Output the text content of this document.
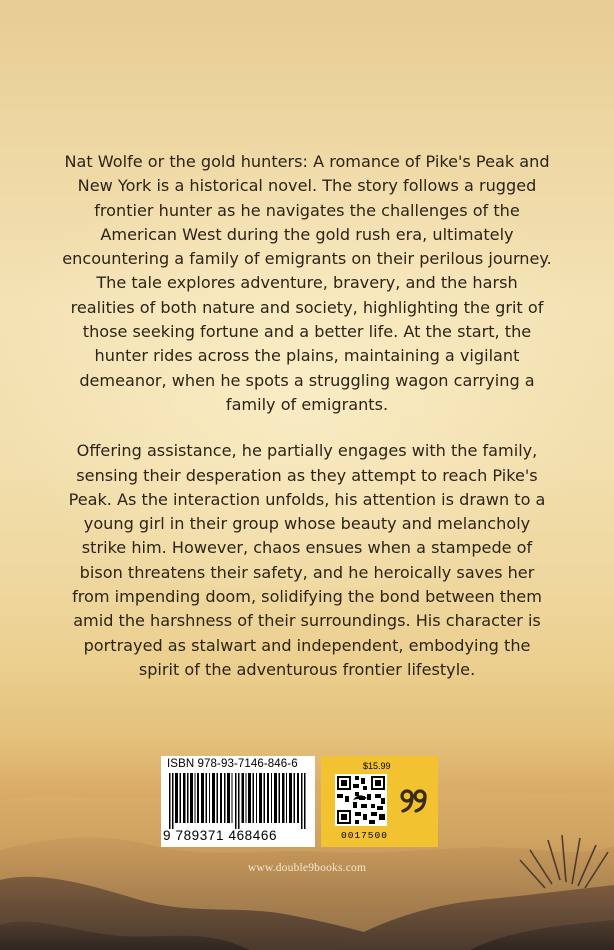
Nat Wolfe or the gold hunters: A romance of Pike's Peak and New York is a historical novel. The story follows a rugged frontier hunter as he navigates the challenges of the American West during the gold rush era, ultimately encountering a family of emigrants on their perilous journey. The tale explores adventure, bravery, and the harsh realities of both nature and society, highlighting the grit of those seeking fortune and a better life. At the start, the hunter rides across the plains, maintaining a vigilant demeanor, when he spots a struggling wagon carrying a family of emigrants.

Offering assistance, he partially engages with the family, sensing their desperation as they attempt to reach Pike's Peak. As the interaction unfolds, his attention is drawn to a young girl in their group whose beauty and melancholy strike him. However, chaos ensues when a stampede of bison threatens their safety, and he heroically saves her from impending doom, solidifying the bond between them amid the harshness of their surroundings. His character is portrayed as stalwart and independent, embodying the spirit of the adventurous frontier lifestyle.

ISBN 978-93-7146-846-6
9 789371 468466
$15.99
0017500
www.double9books.com
